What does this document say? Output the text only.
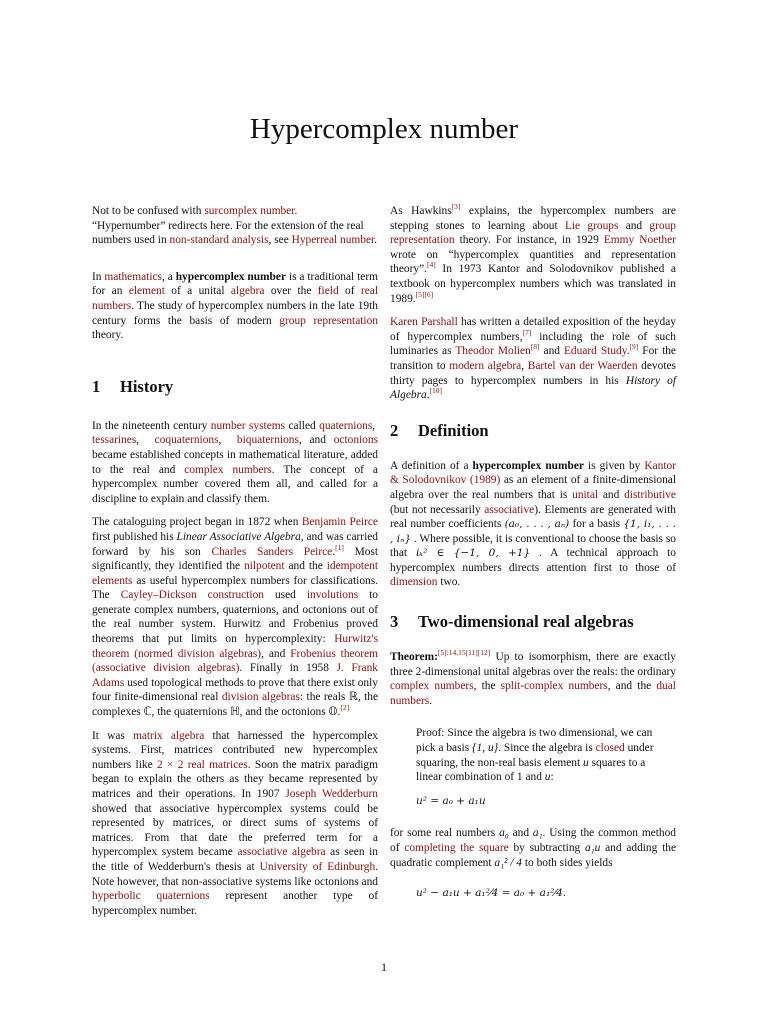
Hypercomplex number

Not to be confused with surcomplex number.
“Hypernumber” redirects here. For the extension of the real numbers used in non-standard analysis, see Hyperreal number.

In mathematics, a hypercomplex number is a traditional term for an element of a unital algebra over the field of real numbers. The study of hypercomplex numbers in the late 19th century forms the basis of modern group representation theory.

1 History

In the nineteenth century number systems called quaternions,  tessarines,  coquaternions,  biquaternions, and octonions became established concepts in mathematical literature, added to the real and complex numbers. The concept of a hypercomplex number covered them all, and called for a discipline to explain and classify them.

The cataloguing project began in 1872 when Benjamin Peirce first published his Linear Associative Algebra, and was carried forward by his son Charles Sanders Peirce.[1] Most significantly, they identified the nilpotent and the idempotent elements as useful hypercomplex numbers for classifications. The Cayley–Dickson construction used involutions to generate complex numbers, quaternions, and octonions out of the real number system. Hurwitz and Frobenius proved theorems that put limits on hypercomplexity: Hurwitz's theorem (normed division algebras), and Frobenius theorem (associative division algebras). Finally in 1958 J. Frank Adams used topological methods to prove that there exist only four finite-dimensional real division algebras: the reals ℝ, the complexes ℂ, the quaternions ℍ, and the octonions 𝕆.[2]

It was matrix algebra that harnessed the hypercomplex systems. First, matrices contributed new hypercomplex numbers like 2 × 2 real matrices. Soon the matrix paradigm began to explain the others as they became represented by matrices and their operations. In 1907 Joseph Wedderburn showed that associative hypercomplex systems could be represented by matrices, or direct sums of systems of matrices. From that date the preferred term for a hypercomplex system became associative algebra as seen in the title of Wedderburn's thesis at University of Edinburgh. Note however, that non-associative systems like octonions and hyperbolic quaternions represent another type of hypercomplex number.

As Hawkins[3] explains, the hypercomplex numbers are stepping stones to learning about Lie groups and group representation theory. For instance, in 1929 Emmy Noether wrote on “hypercomplex quantities and representation theory”.[4] In 1973 Kantor and Solodovnikov published a textbook on hypercomplex numbers which was translated in 1989.[5][6]

Karen Parshall has written a detailed exposition of the heyday of hypercomplex numbers,[7] including the role of such luminaries as Theodor Molien[8] and Eduard Study.[9] For the transition to modern algebra, Bartel van der Waerden devotes thirty pages to hypercomplex numbers in his History of Algebra.[10]

2 Definition

A definition of a hypercomplex number is given by Kantor & Solodovnikov (1989) as an element of a finite-dimensional algebra over the real numbers that is unital and distributive (but not necessarily associative). Elements are generated with real number coefficients (a₀, . . . , aₙ) for a basis {1, i₁, . . . , iₙ} . Where possible, it is conventional to choose the basis so that iₖ² ∈ {−1, 0, +1} . A technical approach to hypercomplex numbers directs attention first to those of dimension two.

3 Two-dimensional real algebras

Theorem:[5]:14,15[11][12] Up to isomorphism, there are exactly three 2-dimensional unital algebras over the reals: the ordinary complex numbers, the split-complex numbers, and the dual numbers.

Proof: Since the algebra is two dimensional, we can pick a basis {1, u}. Since the algebra is closed under squaring, the non-real basis element u squares to a linear combination of 1 and u:

u² = a₀ + a₁u

for some real numbers a₀ and a₁. Using the common method of completing the square by subtracting a₁u and adding the quadratic complement a₁² / 4 to both sides yields

u² − a₁u + a₁²⁄4 = a₀ + a₁²⁄4.
1
